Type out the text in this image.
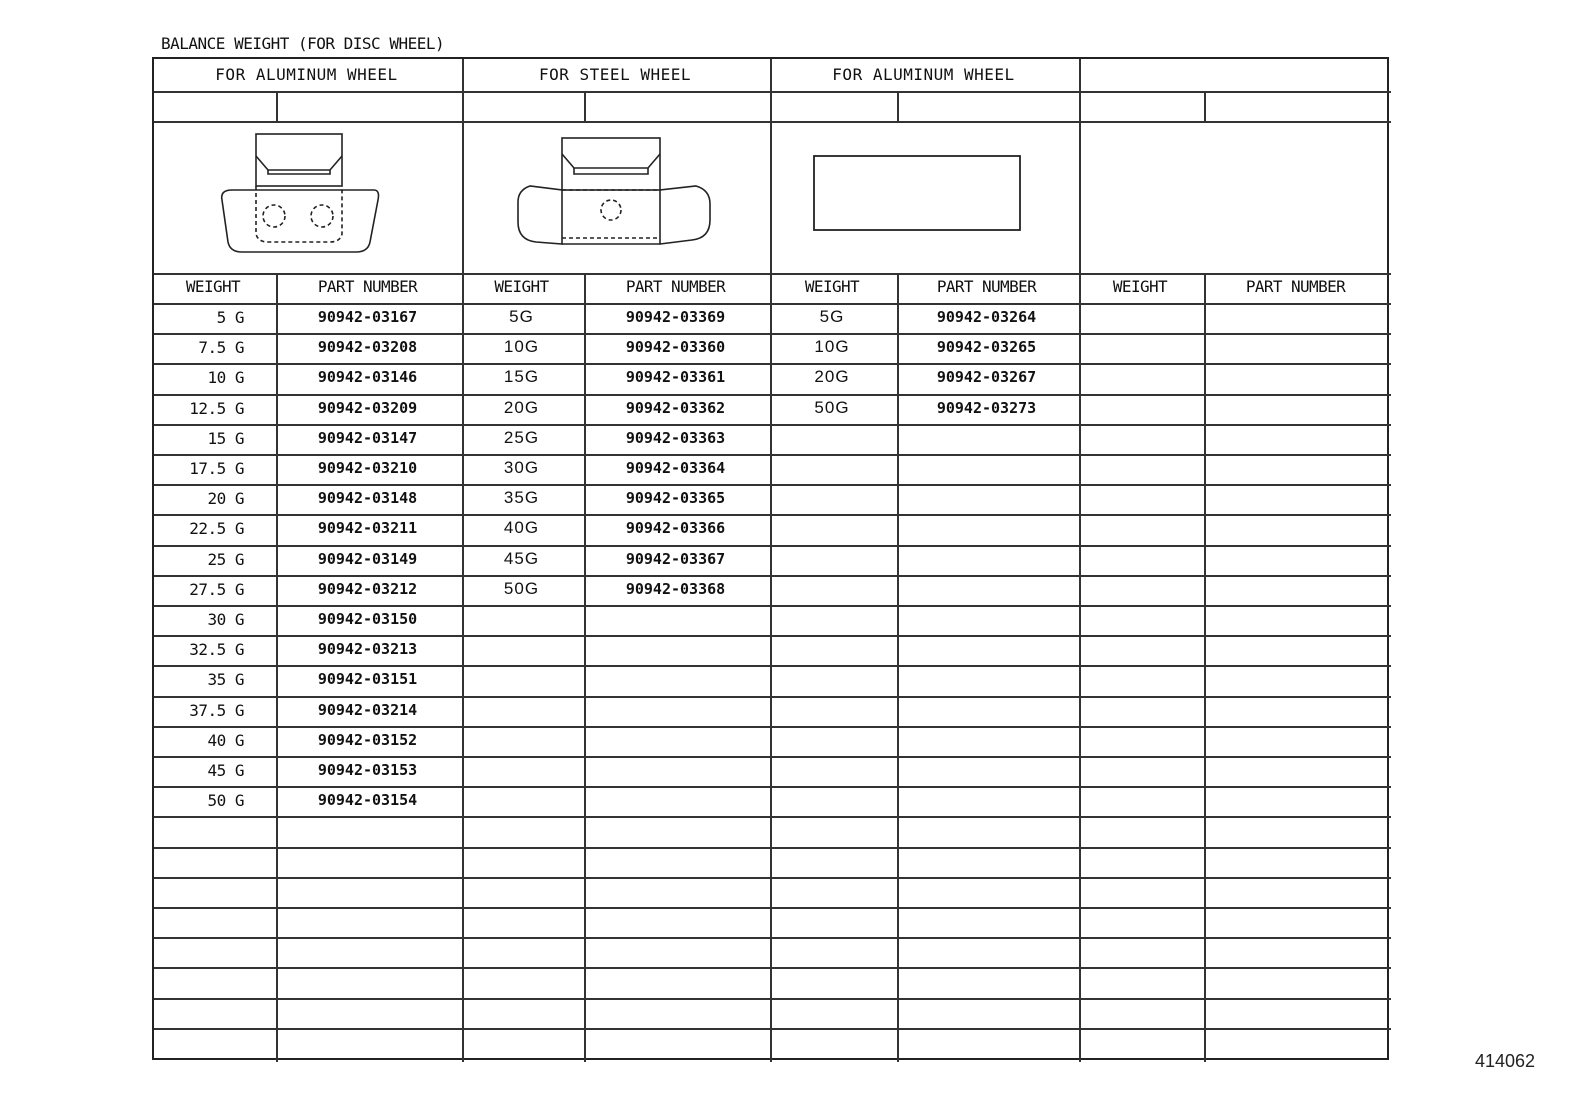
BALANCE WEIGHT (FOR DISC WHEEL)
414062
FOR ALUMINUM WHEEL
WEIGHT	PART NUMBER
5 G	90942-03167
7.5 G	90942-03208
10 G	90942-03146
12.5 G	90942-03209
15 G	90942-03147
17.5 G	90942-03210
20 G	90942-03148
22.5 G	90942-03211
25 G	90942-03149
27.5 G	90942-03212
30 G	90942-03150
32.5 G	90942-03213
35 G	90942-03151
37.5 G	90942-03214
40 G	90942-03152
45 G	90942-03153
50 G	90942-03154
FOR STEEL WHEEL
WEIGHT	PART NUMBER
5G	90942-03369
10G	90942-03360
15G	90942-03361
20G	90942-03362
25G	90942-03363
30G	90942-03364
35G	90942-03365
40G	90942-03366
45G	90942-03367
50G	90942-03368
FOR ALUMINUM WHEEL
WEIGHT	PART NUMBER
5G	90942-03264
10G	90942-03265
20G	90942-03267
50G	90942-03273
WEIGHT	PART NUMBER
